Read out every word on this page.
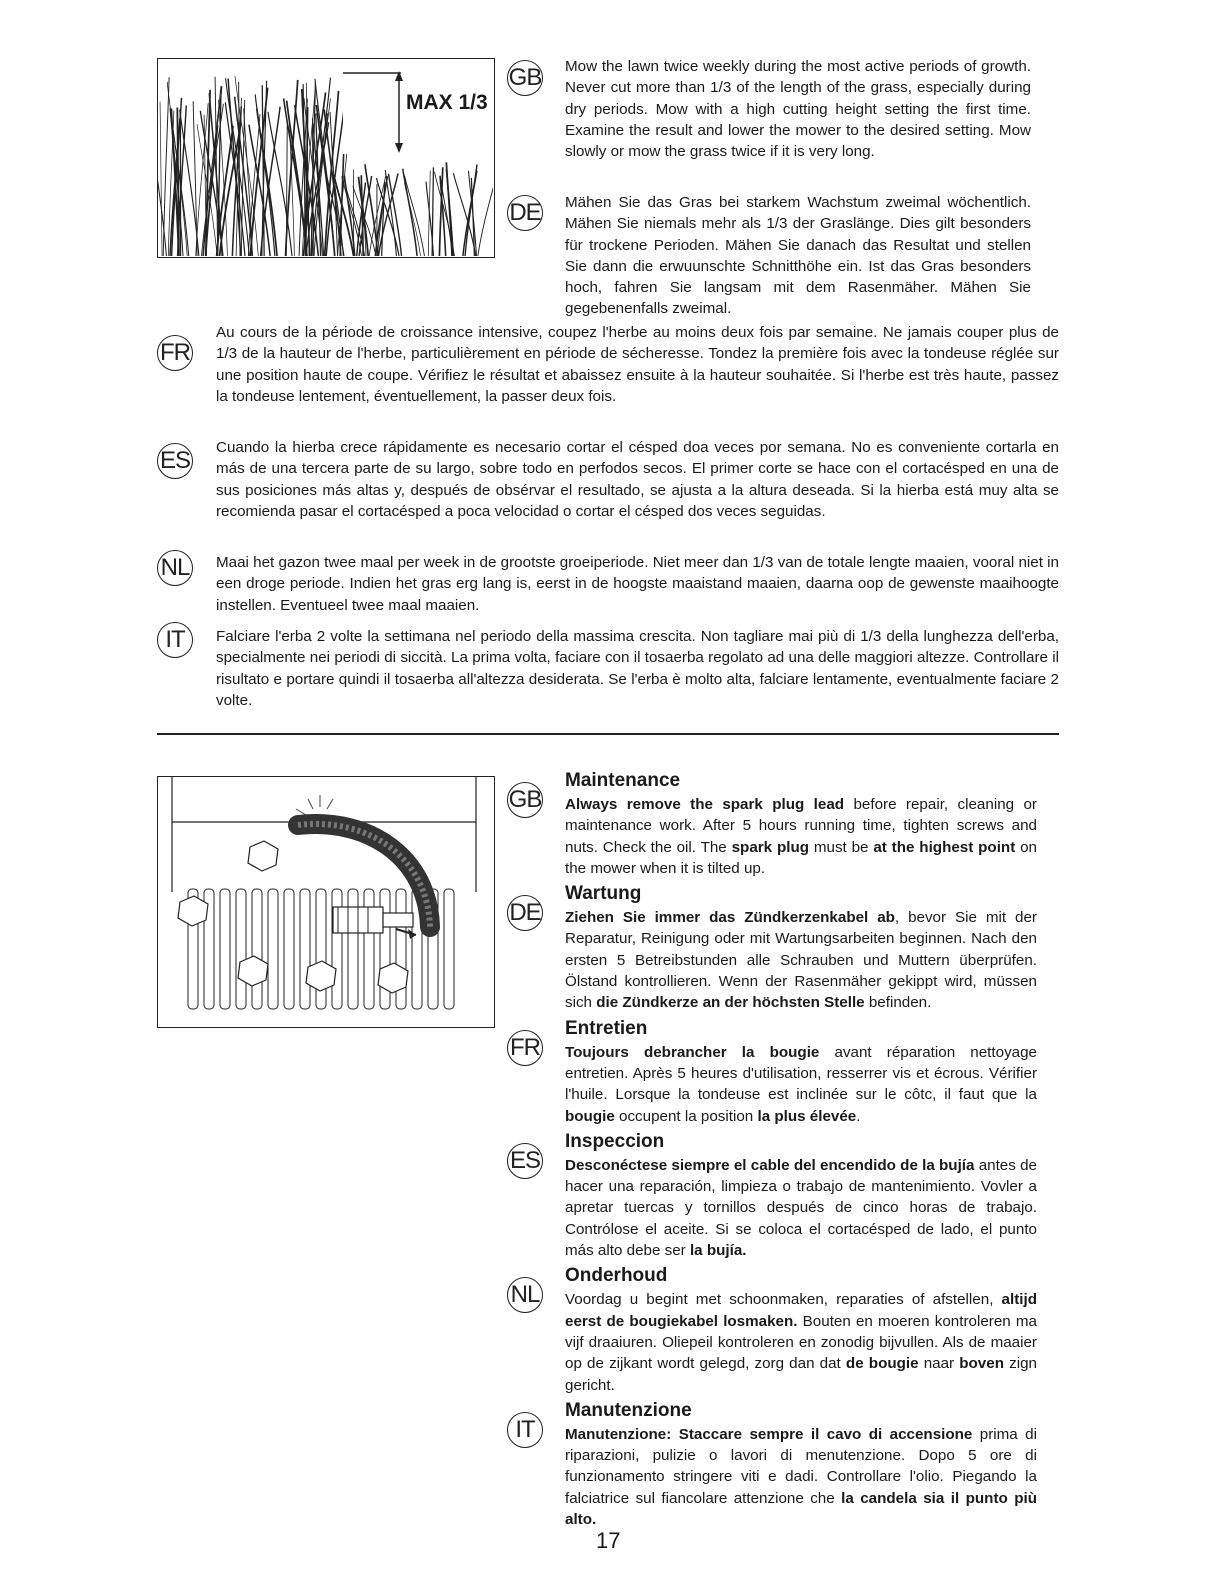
MAX 1/3
GB Mow the lawn twice weekly during the most active periods of growth. Never cut more than 1/3 of the length of the grass, especially during dry periods. Mow with a high cutting height setting the first time. Examine the result and lower the mower to the desired setting. Mow slowly or mow the grass twice if it is very long.

DE Mähen Sie das Gras bei starkem Wachstum zweimal wöchentlich. Mähen Sie niemals mehr als 1/3 der Graslänge. Dies gilt besonders für trockene Perioden. Mähen Sie danach das Resultat und stellen Sie dann die erwuunschte Schnitthöhe ein. Ist das Gras besonders hoch, fahren Sie langsam mit dem Rasenmäher. Mähen Sie gegebenenfalls zweimal.

FR

Au cours de la période de croissance intensive, coupez l'herbe au moins deux fois par semaine. Ne jamais couper plus de 1/3 de la hauteur de l'herbe, particulièrement en période de sécheresse. Tondez la première fois avec la tondeuse réglée sur une position haute de coupe. Vérifiez le résultat et abaissez ensuite à la hauteur souhaitée. Si l'herbe est très haute, passez la tondeuse lentement, éventuellement, la passer deux fois.

ES Cuando la hierba crece rápidamente es necesario cortar el césped doa veces por semana. No es conveniente cortarla en más de una tercera parte de su largo, sobre todo en perfodos secos. El primer corte se hace con el cortacésped en una de sus posiciones más altas y, después de obsérvar el resultado, se ajusta a la altura deseada. Si la hierba está muy alta se recomienda pasar el cortacésped a poca velocidad o cortar el césped dos veces seguidas.

NL Maai het gazon twee maal per week in de grootste groeiperiode. Niet meer dan 1/3 van de totale lengte maaien, vooral niet in een droge periode. Indien het gras erg lang is, eerst in de hoogste maaistand maaien, daarna oop de gewenste maaihoogte instellen. Eventueel twee maal maaien.

IT	Falciare l'erba 2 volte la settimana nel periodo della massima crescita. Non tagliare mai più di 1/3 della lunghezza dell'erba, specialmente nei periodi di siccità. La prima volta, faciare con il tosaerba regolato ad una delle maggiori altezze. Controllare il risultato e portare quindi il tosaerba all'altezza desiderata. Se l'erba è molto alta, falciare lentamente, eventualmente faciare 2 volte.

GB
Maintenance

Always remove the spark plug lead before repair, cleaning or maintenance work. After 5 hours running time, tighten screws and nuts. Check the oil. The spark plug must be at the highest point on the mower when it is tilted up.

DE
Wartung

Ziehen Sie immer das Zündkerzenkabel ab, bevor Sie mit der Reparatur, Reinigung oder mit Wartungsarbeiten beginnen. Nach den ersten 5 Betreibstunden alle Schrauben und Muttern überprüfen. Ölstand kontrollieren. Wenn der Rasenmäher gekippt wird, müssen sich die Zündkerze an der höchsten Stelle befinden.

FR
Entretien

Toujours debrancher la bougie avant réparation nettoyage entretien. Après 5 heures d'utilisation, resserrer vis et écrous. Vérifier l'huile. Lorsque la tondeuse est inclinée sur le côtc, il faut que la bougie occupent la position la plus élevée.

ES
Inspeccion

Desconéctese siempre el cable del encendido de la bujía antes de hacer una reparación, limpieza o trabajo de mantenimiento. Vovler a apretar tuercas y tornillos después de cinco horas de trabajo. Contrólose el aceite. Si se coloca el cortacésped de lado, el punto más alto debe ser la bujía.

NL
Onderhoud

Voordag u begint met schoonmaken, reparaties of afstellen, altijd eerst de bougiekabel losmaken. Bouten en moeren kontroleren ma vijf draaiuren. Oliepeil kontroleren en zonodig bijvullen. Als de maaier op de zijkant wordt gelegd, zorg dan dat de bougie naar boven zign gericht.

IT
Manutenzione

Manutenzione: Staccare sempre il cavo di accensione prima di riparazioni, pulizie o lavori di menutenzione. Dopo 5 ore di funzionamento stringere viti e dadi. Controllare l'olio. Piegando la falciatrice sul fiancolare attenzione che la candela sia il punto più alto.

17
